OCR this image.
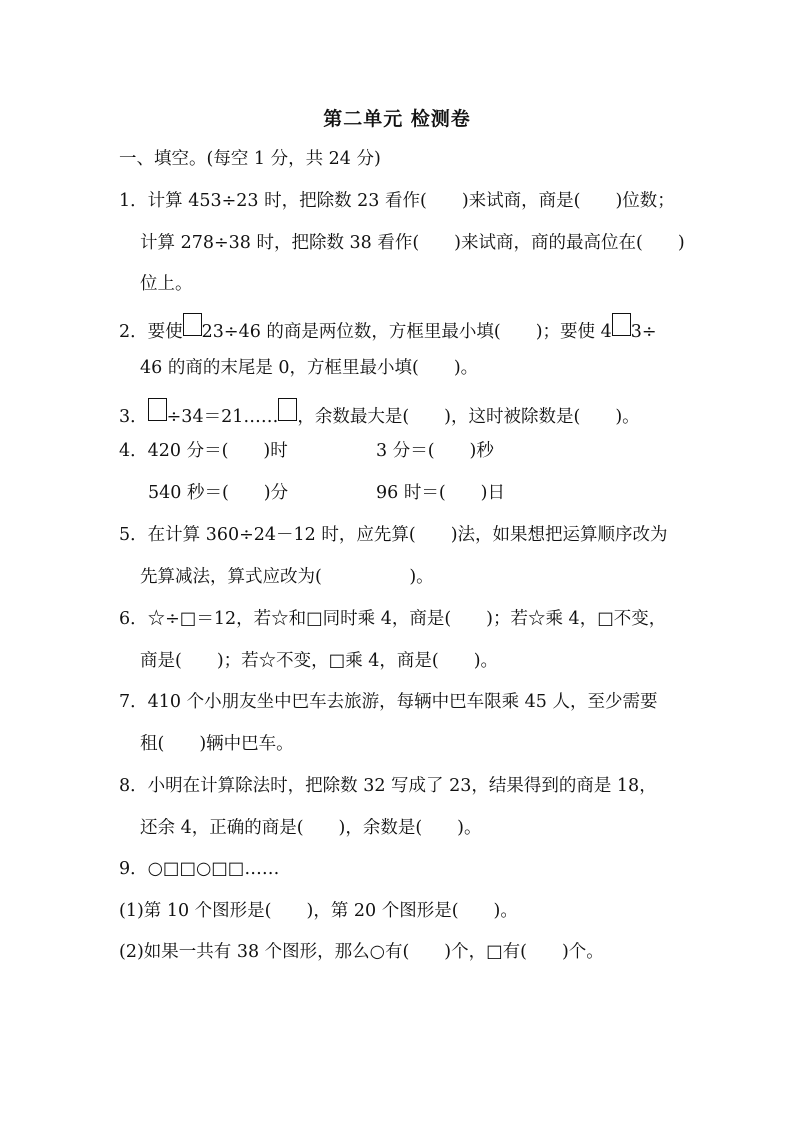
第二单元 检测卷
一、填空。(每空 1 分，共 24 分)
1．计算 453÷23 时，把除数 23 看作(　　)来试商，商是(　　)位数；
计算 278÷38 时，把除数 38 看作(　　)来试商，商的最高位在(　　)
位上。
2．要使 23÷46 的商是两位数，方框里最小填(　　)；要使 4 3÷
46 的商的末尾是 0，方框里最小填(　　)。
3． ÷34＝21…… ，余数最大是(　　)，这时被除数是(　　)。
4．420 分＝(　　)时	3 分＝(　　)秒
540 秒＝(　　)分	96 时＝(　　)日
5．在计算 360÷24－12 时，应先算(　　)法，如果想把运算顺序改为
先算减法，算式应改为(　　　　　)。
6．☆÷□＝12，若☆和□同时乘 4，商是(　　)；若☆乘 4，□不变，
商是(　　)；若☆不变，□乘 4，商是(　　)。
7．410 个小朋友坐中巴车去旅游，每辆中巴车限乘 45 人，至少需要
租(　　)辆中巴车。
8．小明在计算除法时，把除数 32 写成了 23，结果得到的商是 18，
还余 4，正确的商是(　　)，余数是(　　)。
9．○□□○□□……
(1)第 10 个图形是(　　)，第 20 个图形是(　　)。
(2)如果一共有 38 个图形，那么○有(　　)个，□有(　　)个。
